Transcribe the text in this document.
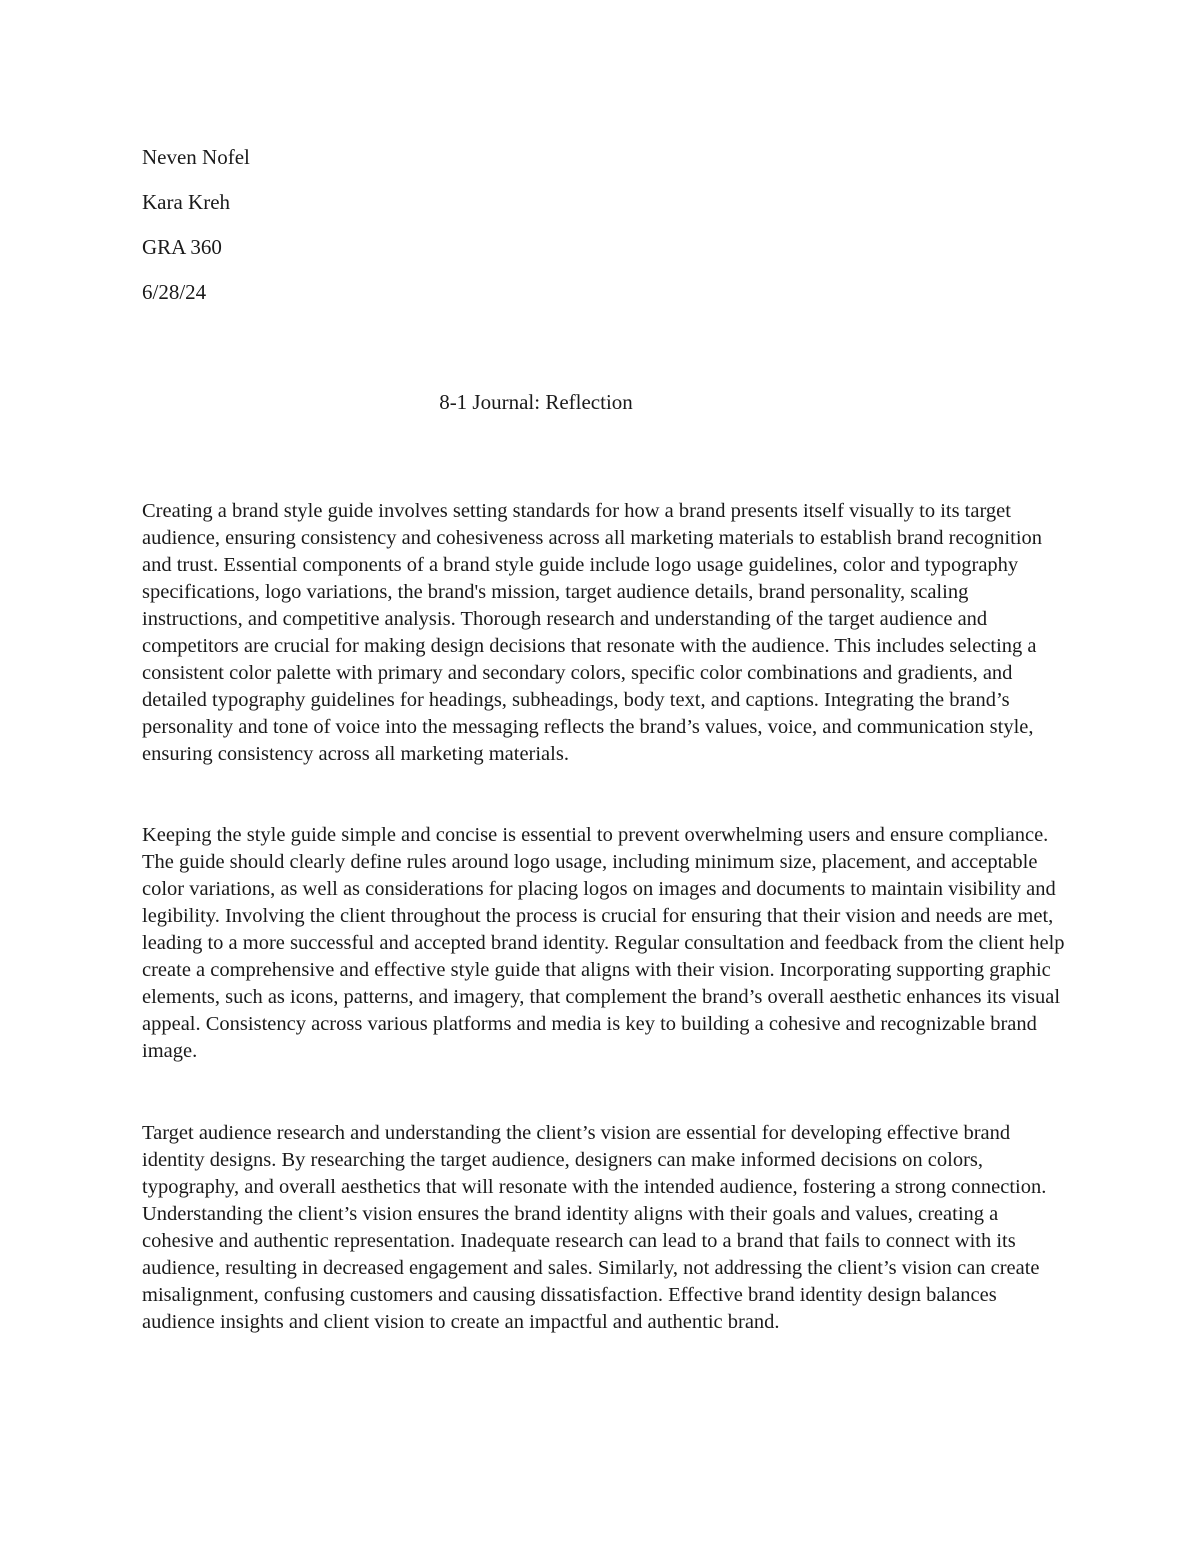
Neven Nofel

Kara Kreh

GRA 360

6/28/24

8-1 Journal: Reflection

Creating a brand style guide involves setting standards for how a brand presents itself visually to its target audience, ensuring consistency and cohesiveness across all marketing materials to establish brand recognition and trust. Essential components of a brand style guide include logo usage guidelines, color and typography specifications, logo variations, the brand's mission, target audience details, brand personality, scaling instructions, and competitive analysis. Thorough research and understanding of the target audience and competitors are crucial for making design decisions that resonate with the audience. This includes selecting a consistent color palette with primary and secondary colors, specific color combinations and gradients, and detailed typography guidelines for headings, subheadings, body text, and captions. Integrating the brand’s personality and tone of voice into the messaging reflects the brand’s values, voice, and communication style, ensuring consistency across all marketing materials.

Keeping the style guide simple and concise is essential to prevent overwhelming users and ensure compliance. The guide should clearly define rules around logo usage, including minimum size, placement, and acceptable color variations, as well as considerations for placing logos on images and documents to maintain visibility and legibility. Involving the client throughout the process is crucial for ensuring that their vision and needs are met, leading to a more successful and accepted brand identity. Regular consultation and feedback from the client help create a comprehensive and effective style guide that aligns with their vision. Incorporating supporting graphic elements, such as icons, patterns, and imagery, that complement the brand’s overall aesthetic enhances its visual appeal. Consistency across various platforms and media is key to building a cohesive and recognizable brand image.

Target audience research and understanding the client’s vision are essential for developing effective brand identity designs. By researching the target audience, designers can make informed decisions on colors, typography, and overall aesthetics that will resonate with the intended audience, fostering a strong connection. Understanding the client’s vision ensures the brand identity aligns with their goals and values, creating a cohesive and authentic representation. Inadequate research can lead to a brand that fails to connect with its audience, resulting in decreased engagement and sales. Similarly, not addressing the client’s vision can create misalignment, confusing customers and causing dissatisfaction. Effective brand identity design balances audience insights and client vision to create an impactful and authentic brand.
